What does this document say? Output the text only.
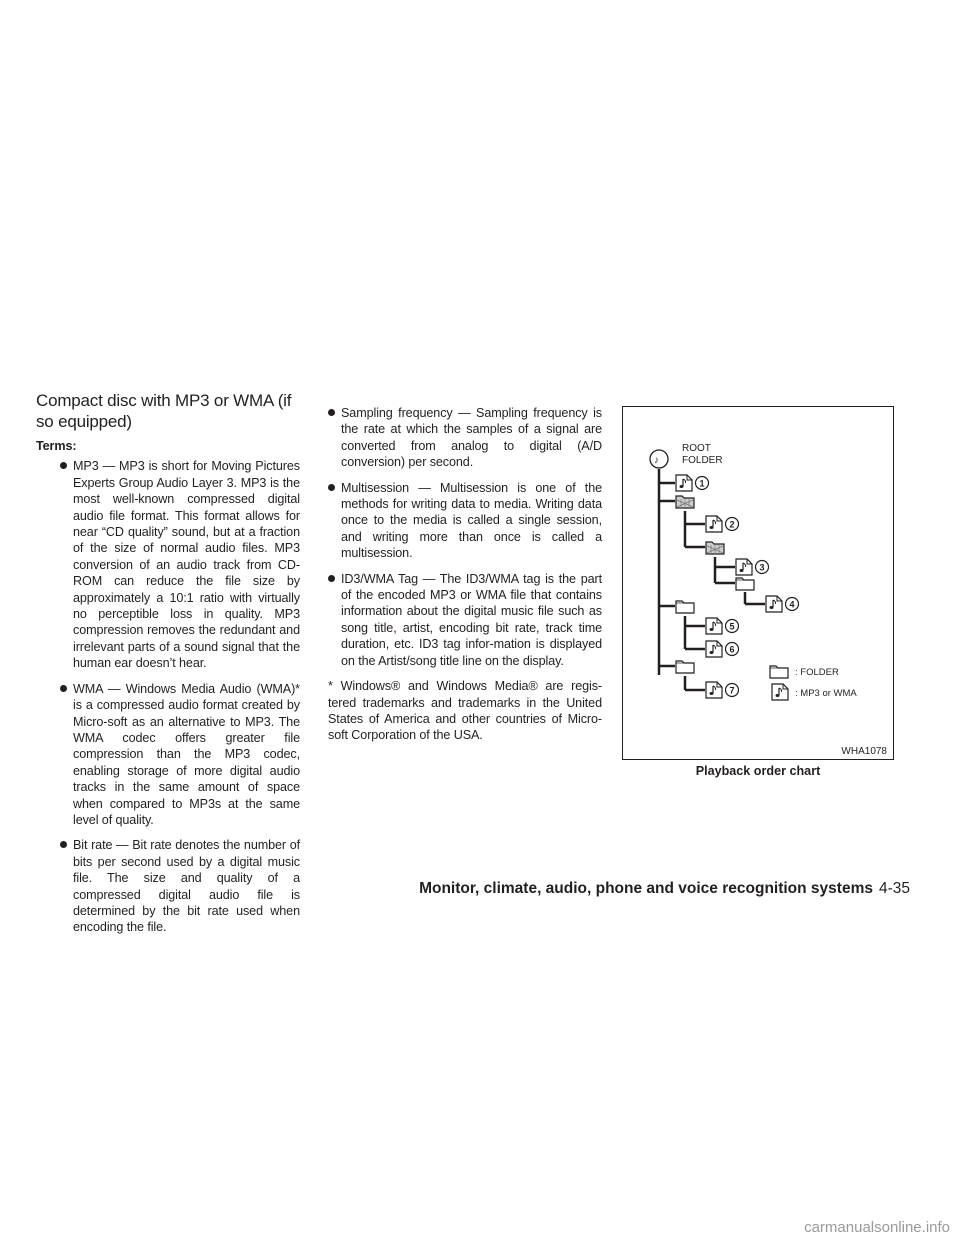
Compact disc with MP3 or WMA (if so equipped)
Terms:
MP3 — MP3 is short for Moving Pictures Experts Group Audio Layer 3. MP3 is the most well-known compressed digital audio file format. This format allows for near “CD quality” sound, but at a fraction of the size of normal audio files. MP3 conversion of an audio track from CD-ROM can reduce the file size by approximately a 10:1 ratio with virtually no perceptible loss in quality. MP3 compression removes the redundant and irrelevant parts of a sound signal that the human ear doesn’t hear.
WMA — Windows Media Audio (WMA)* is a compressed audio format created by Micro-soft as an alternative to MP3. The WMA codec offers greater file compression than the MP3 codec, enabling storage of more digital audio tracks in the same amount of space when compared to MP3s at the same level of quality.
Bit rate — Bit rate denotes the number of bits per second used by a digital music file. The size and quality of a compressed digital audio file is determined by the bit rate used when encoding the file.
Sampling frequency — Sampling frequency is the rate at which the samples of a signal are converted from analog to digital (A/D conversion) per second.
Multisession — Multisession is one of the methods for writing data to media. Writing data once to the media is called a single session, and writing more than once is called a multisession.
ID3/WMA Tag — The ID3/WMA tag is the part of the encoded MP3 or WMA file that contains information about the digital music file such as song title, artist, encoding bit rate, track time duration, etc. ID3 tag infor-mation is displayed on the Artist/song title line on the display.

* Windows® and Windows Media® are regis-tered trademarks and trademarks in the United States of America and other countries of Micro-soft Corporation of the USA.

♪
ROOT
FOLDER
1
2
3
4
5
6
7
: FOLDER
: MP3 or WMA
WHA1078
Playback order chart
Monitor, climate, audio, phone and voice recognition systems 4-35
carmanualsonline.info
